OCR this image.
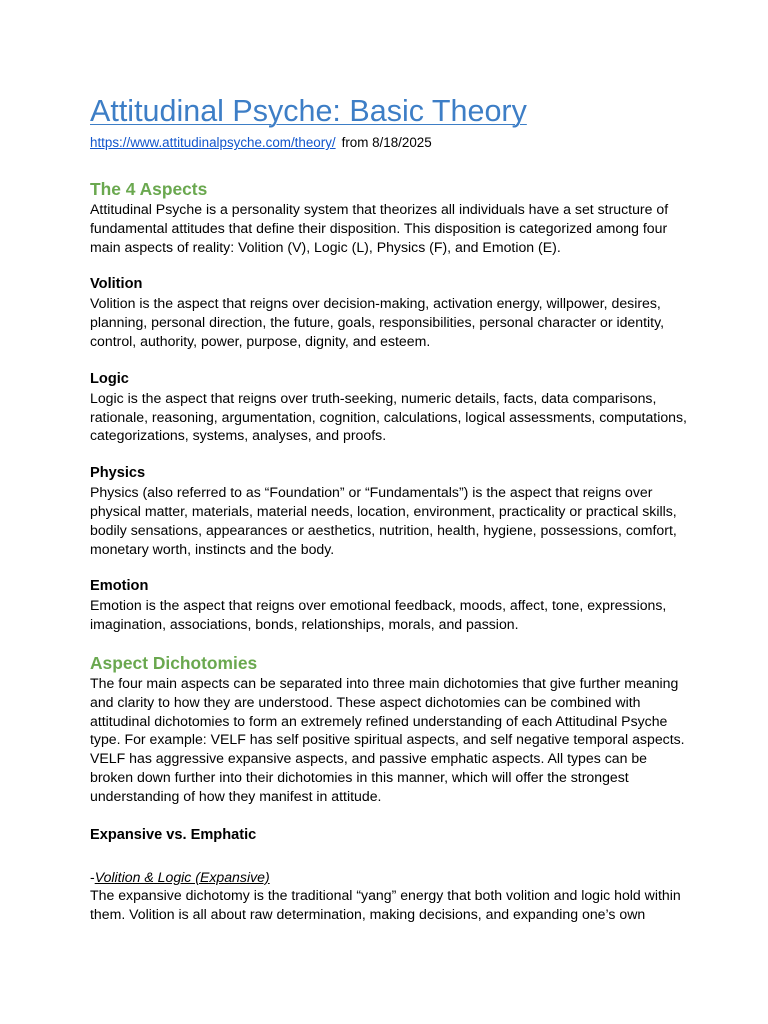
Attitudinal Psyche: Basic Theory
https://www.attitudinalpsyche.com/theory/ from 8/18/2025
The 4 Aspects

Attitudinal Psyche is a personality system that theorizes all individuals have a set structure of fundamental attitudes that define their disposition. This disposition is categorized among four main aspects of reality: Volition (V), Logic (L), Physics (F), and Emotion (E).

Volition

Volition is the aspect that reigns over decision-making, activation energy, willpower, desires, planning, personal direction, the future, goals, responsibilities, personal character or identity, control, authority, power, purpose, dignity, and esteem.

Logic

Logic is the aspect that reigns over truth-seeking, numeric details, facts, data comparisons, rationale, reasoning, argumentation, cognition, calculations, logical assessments, computations, categorizations, systems, analyses, and proofs.

Physics

Physics (also referred to as “Foundation” or “Fundamentals”) is the aspect that reigns over physical matter, materials, material needs, location, environment, practicality or practical skills, bodily sensations, appearances or aesthetics, nutrition, health, hygiene, possessions, comfort, monetary worth, instincts and the body.

Emotion

Emotion is the aspect that reigns over emotional feedback, moods, affect, tone, expressions, imagination, associations, bonds, relationships, morals, and passion.

Aspect Dichotomies

The four main aspects can be separated into three main dichotomies that give further meaning and clarity to how they are understood. These aspect dichotomies can be combined with attitudinal dichotomies to form an extremely refined understanding of each Attitudinal Psyche type. For example: VELF has self positive spiritual aspects, and self negative temporal aspects. VELF has aggressive expansive aspects, and passive emphatic aspects. All types can be broken down further into their dichotomies in this manner, which will offer the strongest understanding of how they manifest in attitude.

Expansive vs. Emphatic
-Volition & Logic (Expansive)

The expansive dichotomy is the traditional “yang” energy that both volition and logic hold within them. Volition is all about raw determination, making decisions, and expanding one’s own
